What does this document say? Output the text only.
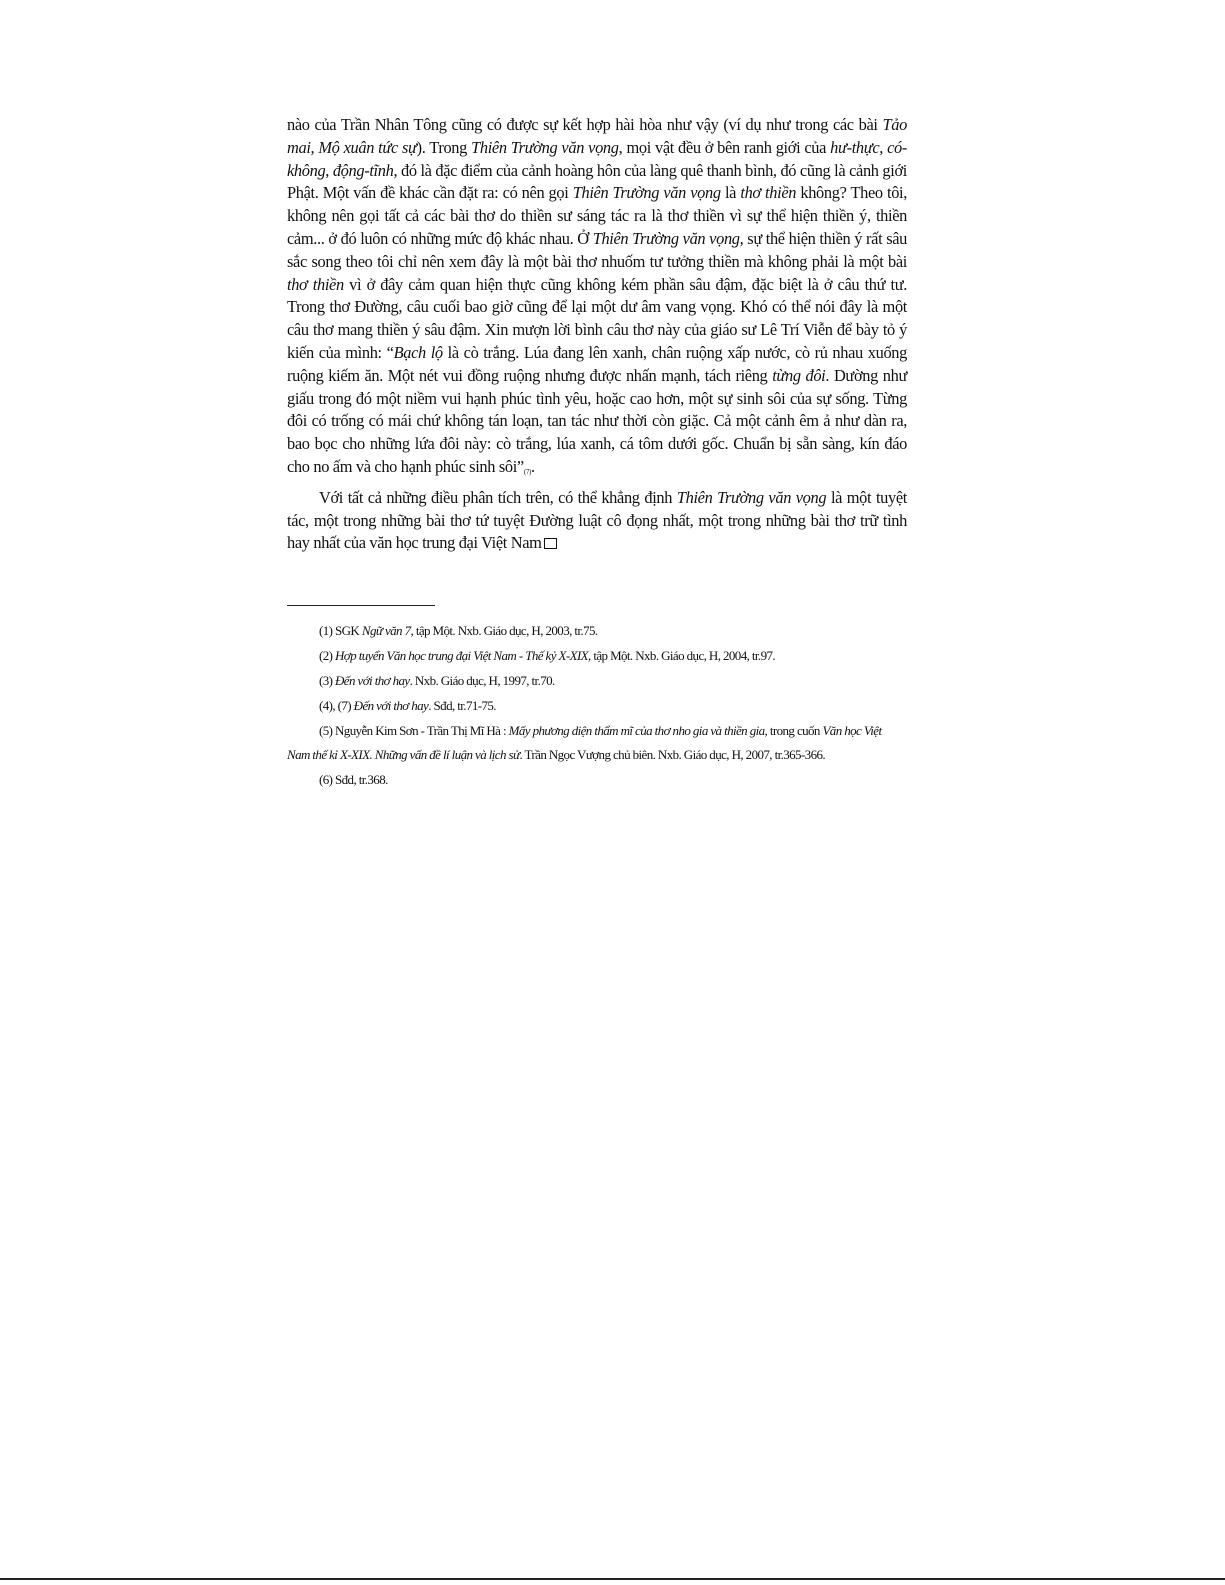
nào của Trần Nhân Tông cũng có được sự kết hợp hài hòa như vậy (ví dụ như trong các bài Tảo mai, Mộ xuân tức sự). Trong Thiên Trường văn vọng, mọi vật đều ở bên ranh giới của hư-thực, có-không, động-tĩnh, đó là đặc điểm của cảnh hoàng hôn của làng quê thanh bình, đó cũng là cảnh giới Phật. Một vấn đề khác cần đặt ra: có nên gọi Thiên Trường văn vọng là thơ thiền không? Theo tôi, không nên gọi tất cả các bài thơ do thiền sư sáng tác ra là thơ thiền vì sự thể hiện thiền ý, thiền cảm... ở đó luôn có những mức độ khác nhau. Ở Thiên Trường văn vọng, sự thể hiện thiền ý rất sâu sắc song theo tôi chỉ nên xem đây là một bài thơ nhuốm tư tưởng thiền mà không phải là một bài thơ thiền vì ở đây cảm quan hiện thực cũng không kém phần sâu đậm, đặc biệt là ở câu thứ tư. Trong thơ Đường, câu cuối bao giờ cũng để lại một dư âm vang vọng. Khó có thể nói đây là một câu thơ mang thiền ý sâu đậm. Xin mượn lời bình câu thơ này của giáo sư Lê Trí Viễn để bày tỏ ý kiến của mình: “Bạch lộ là cò trắng. Lúa đang lên xanh, chân ruộng xấp nước, cò rủ nhau xuống ruộng kiếm ăn. Một nét vui đồng ruộng nhưng được nhấn mạnh, tách riêng từng đôi. Dường như giấu trong đó một niềm vui hạnh phúc tình yêu, hoặc cao hơn, một sự sinh sôi của sự sống. Từng đôi có trống có mái chứ không tán loạn, tan tác như thời còn giặc. Cả một cảnh êm ả như dàn ra, bao bọc cho những lứa đôi này: cò trắng, lúa xanh, cá tôm dưới gốc. Chuẩn bị sẵn sàng, kín đáo cho no ấm và cho hạnh phúc $\sinh sôi”_{(7)}$.

Với tất cả những điều phân tích trên, có thể khẳng định Thiên Trường văn vọng là một tuyệt tác, một trong những bài thơ tứ tuyệt Đường luật cô đọng nhất, một trong những bài thơ trữ tình hay nhất của văn học trung đại Việt Nam

(1) SGK Ngữ văn 7, tập Một. Nxb. Giáo dục, H, 2003, tr.75.

(2) Hợp tuyển Văn học trung đại Việt Nam - Thế kỷ X-XIX, tập Một. Nxb. Giáo dục, H, 2004, tr.97.

(3) Đến với thơ hay. Nxb. Giáo dục, H, 1997, tr.70.

(4), (7) Đến với thơ hay. Sđd, tr.71-75.

(5) Nguyễn Kim Sơn - Trần Thị Mĩ Hà : Mấy phương diện thẩm mĩ của thơ nho gia và thiền gia, trong cuốn Văn học Việt Nam thế kỉ X-XIX. Những vấn đề lí luận và lịch sử. Trần Ngọc Vượng chủ biên. Nxb. Giáo dục, H, 2007, tr.365-366.

(6) Sđd, tr.368.
